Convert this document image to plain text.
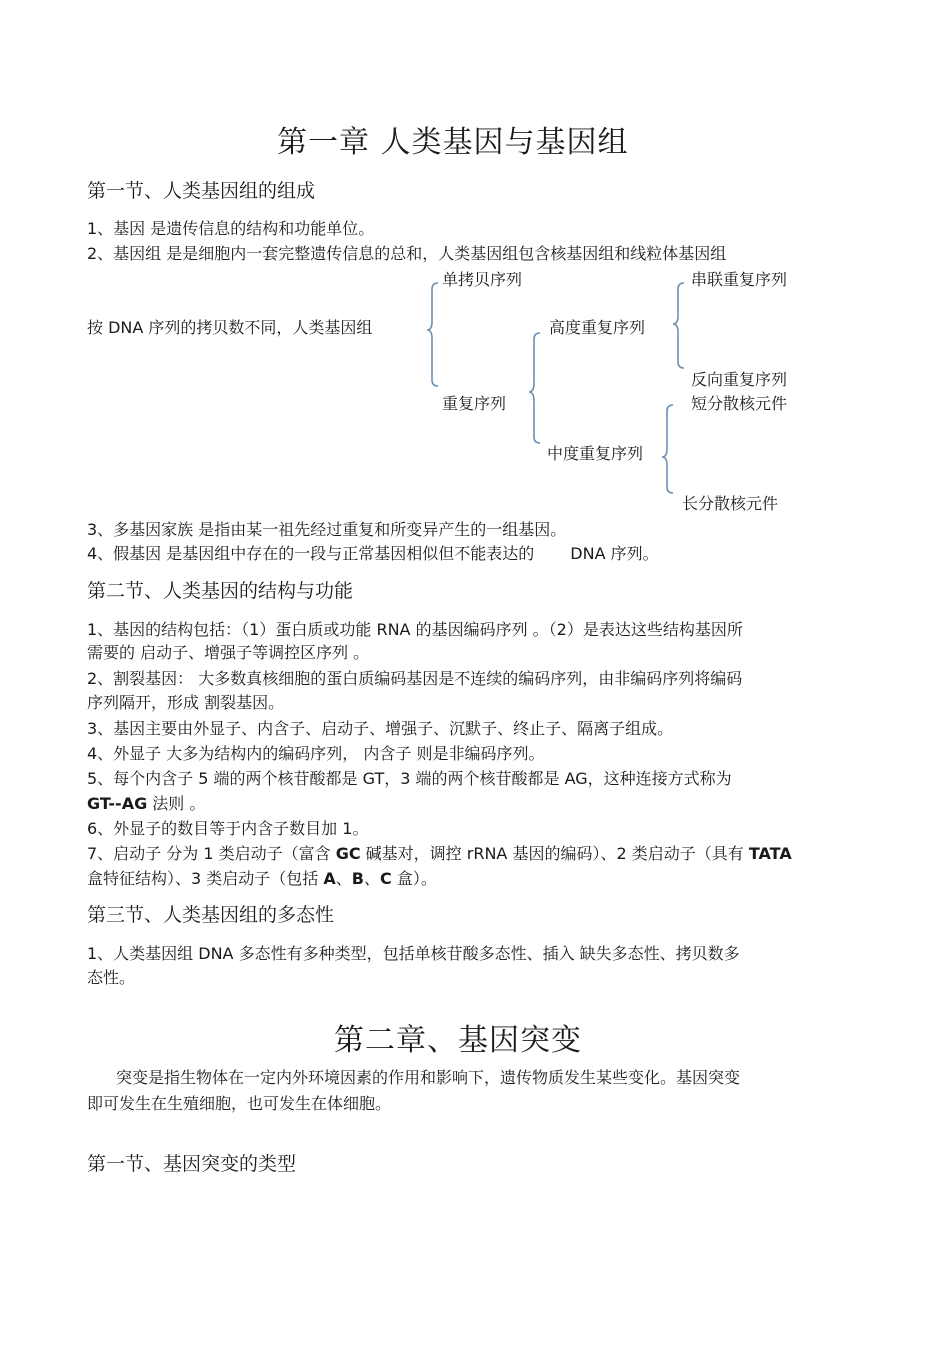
第一章 人类基因与基因组
第一节、人类基因组的组成
1、基因 是遗传信息的结构和功能单位。
2、基因组 是是细胞内一套完整遗传信息的总和，人类基因组包含核基因组和线粒体基因组
按 DNA 序列的拷贝数不同，人类基因组
单拷贝序列
重复序列
高度重复序列
串联重复序列
反向重复序列
中度重复序列
短分散核元件
长分散核元件
3、多基因家族 是指由某一祖先经过重复和所变异产生的一组基因。
4、假基因 是基因组中存在的一段与正常基因相似但不能表达的 DNA 序列。
第二节、人类基因的结构与功能
1、基因的结构包括：（1）蛋白质或功能 RNA 的基因编码序列 。（2）是表达这些结构基因所
需要的 启动子、增强子等调控区序列 。
2、割裂基因： 大多数真核细胞的蛋白质编码基因是不连续的编码序列，由非编码序列将编码
序列隔开，形成 割裂基因。
3、基因主要由外显子、内含子、启动子、增强子、沉默子、终止子、隔离子组成。
4、外显子 大多为结构内的编码序列， 内含子 则是非编码序列。
5、每个内含子 5 端的两个核苷酸都是 GT，3 端的两个核苷酸都是 AG，这种连接方式称为
GT--AG 法则 。
6、外显子的数目等于内含子数目加 1。
7、启动子 分为 1 类启动子（富含 GC 碱基对，调控 rRNA 基因的编码）、2 类启动子（具有 TATA
盒特征结构）、3 类启动子（包括 A、B、C 盒）。
第三节、人类基因组的多态性
1、人类基因组 DNA 多态性有多种类型，包括单核苷酸多态性、插入 缺失多态性、拷贝数多
态性。
第二章、基因突变
突变是指生物体在一定内外环境因素的作用和影响下，遗传物质发生某些变化。基因突变
即可发生在生殖细胞，也可发生在体细胞。
第一节、基因突变的类型
